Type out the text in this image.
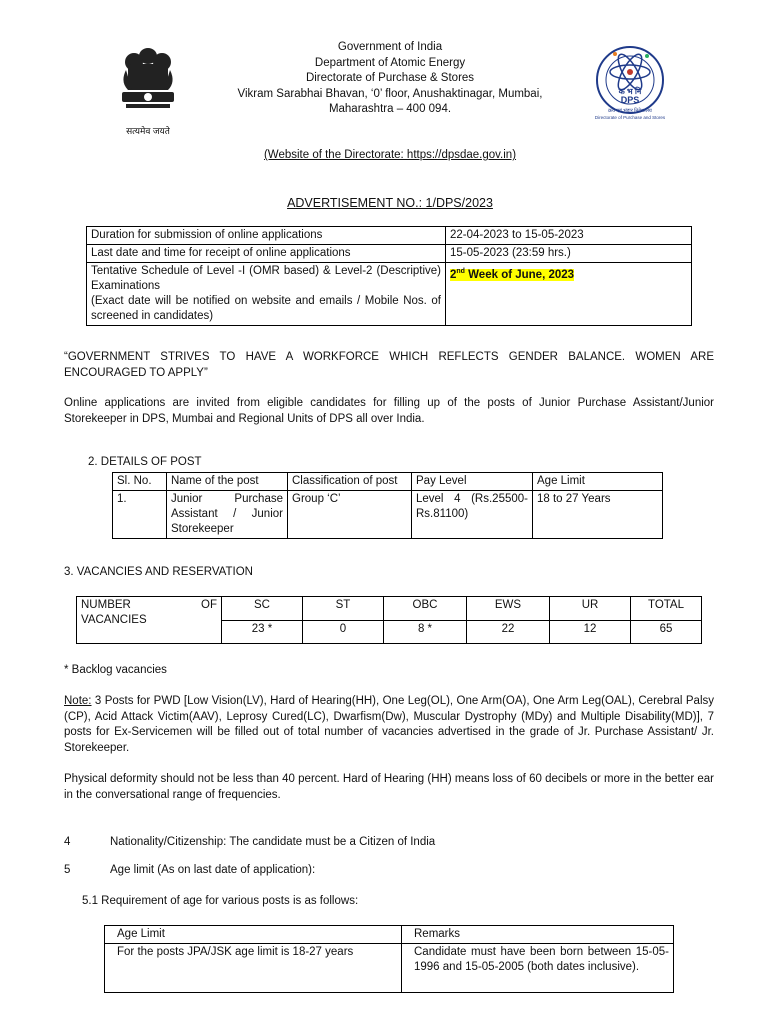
सत्यमेव जयते
Government of India
Department of Atomic Energy
Directorate of Purchase & Stores
Vikram Sarabhai Bhavan, ‘0’ floor, Anushaktinagar, Mumbai,
Maharashtra – 400 094.
क भ नि
DPS
क्रय एवं भंडार निदेशालय
Directorate of Purchase and Stores
(Website of the Directorate: https://dpsdae.gov.in)
ADVERTISEMENT NO.: 1/DPS/2023
Duration for submission of online applications	22-04-2023 to 15-05-2023
Last date and time for receipt of online applications	15-05-2023 (23:59 hrs.)

Tentative Schedule of Level -I (OMR based) & Level-2 (Descriptive) Examinations
(Exact date will be notified on website and emails / Mobile Nos. of screened in candidates)	2nd Week of June, 2023
“GOVERNMENT STRIVES TO HAVE A WORKFORCE WHICH REFLECTS GENDER BALANCE. WOMEN ARE ENCOURAGED TO APPLY”
Online applications are invited from eligible candidates for filling up of the posts of Junior Purchase Assistant/Junior Storekeeper in DPS, Mumbai and Regional Units of DPS all over India.
2. DETAILS OF POST
Sl. No.	Name of the post	Classification of post	Pay Level	Age Limit
1.	Junior Purchase Assistant / Junior Storekeeper	Group ‘C’	Level 4 (Rs.25500-Rs.81100)	18 to 27 Years
3. VACANCIES AND RESERVATION
NUMBER OF VACANCIES	SC	ST	OBC	EWS	UR	TOTAL
	23 *	0	8 *	22	12	65
* Backlog vacancies
Note: 3 Posts for PWD [Low Vision(LV), Hard of Hearing(HH), One Leg(OL), One Arm(OA), One Arm Leg(OAL), Cerebral Palsy (CP), Acid Attack Victim(AAV), Leprosy Cured(LC), Dwarfism(Dw), Muscular Dystrophy (MDy) and Multiple Disability(MD)], 7 posts for Ex-Servicemen will be filled out of total number of vacancies advertised in the grade of Jr. Purchase Assistant/ Jr. Storekeeper.
Physical deformity should not be less than 40 percent. Hard of Hearing (HH) means loss of 60 decibels or more in the better ear in the conversational range of frequencies.
4	Nationality/Citizenship: The candidate must be a Citizen of India
5	Age limit (As on last date of application):
5.1 Requirement of age for various posts is as follows:
Age Limit	Remarks
For the posts JPA/JSK age limit is 18-27 years	Candidate must have been born between 15-05-1996 and 15-05-2005 (both dates inclusive).
